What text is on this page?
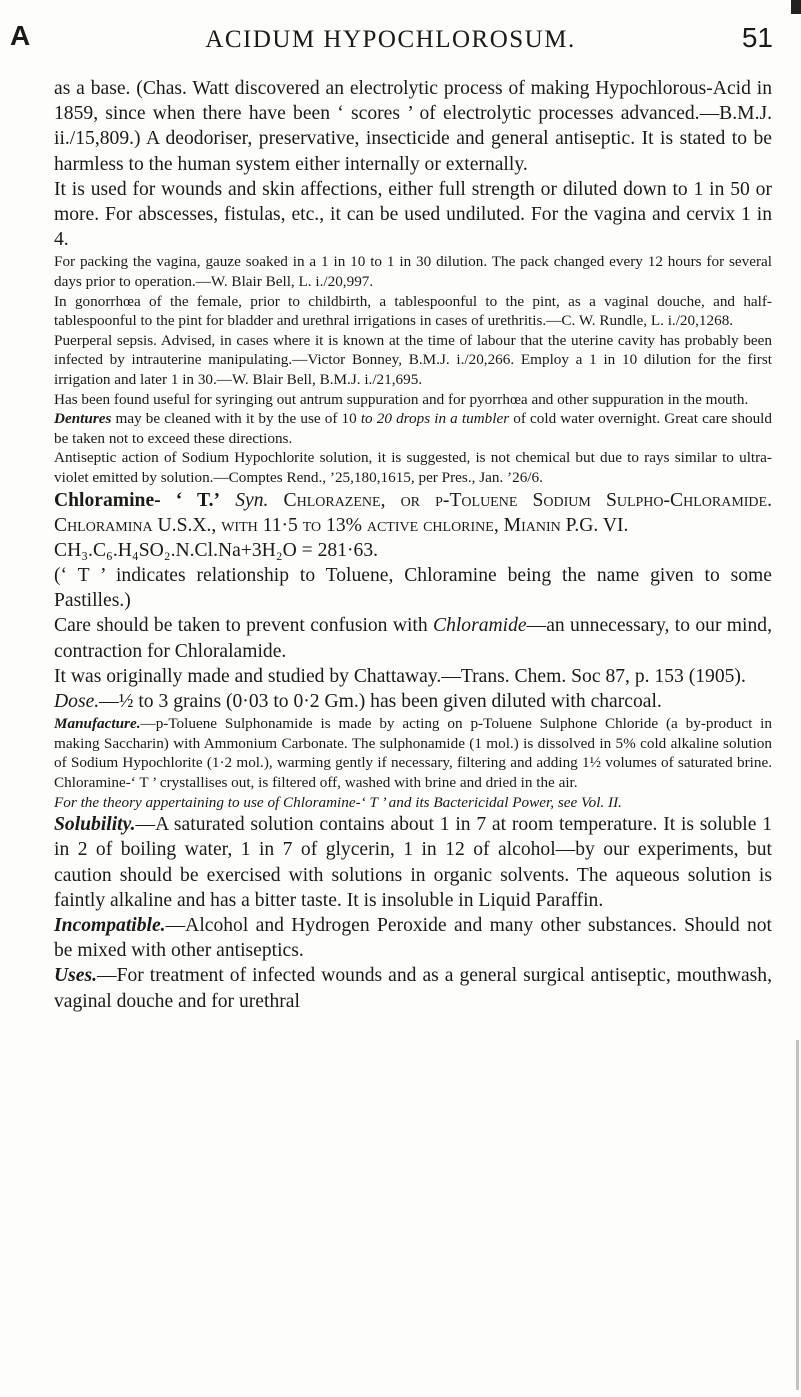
A	ACIDUM HYPOCHLOROSUM.	51

as a base. (Chas. Watt discovered an electrolytic process of making Hypochlorous-Acid in 1859, since when there have been ‘ scores ’ of electrolytic processes advanced.—B.M.J. ii./15,809.) A deodoriser, preservative, insecticide and general antiseptic. It is stated to be harmless to the human system either internally or externally.

It is used for wounds and skin affections, either full strength or diluted down to 1 in 50 or more. For abscesses, fistulas, etc., it can be used undiluted. For the vagina and cervix 1 in 4.

For packing the vagina, gauze soaked in a 1 in 10 to 1 in 30 dilution. The pack changed every 12 hours for several days prior to operation.—W. Blair Bell, L. i./20,997.

In gonorrhœa of the female, prior to childbirth, a tablespoonful to the pint, as a vaginal douche, and half-tablespoonful to the pint for bladder and urethral irrigations in cases of urethritis.—C. W. Rundle, L. i./20,1268.

Puerperal sepsis. Advised, in cases where it is known at the time of labour that the uterine cavity has probably been infected by intrauterine manipulating.—Victor Bonney, B.M.J. i./20,266. Employ a 1 in 10 dilution for the first irrigation and later 1 in 30.—W. Blair Bell, B.M.J. i./21,695.

Has been found useful for syringing out antrum suppuration and for pyorrhœa and other suppuration in the mouth.

Dentures may be cleaned with it by the use of 10 to 20 drops in a tumbler of cold water overnight. Great care should be taken not to exceed these directions.

Antiseptic action of Sodium Hypochlorite solution, it is suggested, is not chemical but due to rays similar to ultra-violet emitted by solution.—Comptes Rend., ’25,180,1615, per Pres., Jan. ’26/6.

Chloramine- ‘ T.’ Syn. Chlorazene, or p-Toluene Sodium Sulpho-Chloramide. Chloramina U.S.X., with 11·5 to 13% active chlorine, Mianin P.G. VI.

CH₃.C₆.H₄SO₂.N.Cl.Na+3H₂O = 281·63.

(‘ T ’ indicates relationship to Toluene, Chloramine being the name given to some Pastilles.)

Care should be taken to prevent confusion with Chloramide—an unnecessary, to our mind, contraction for Chloralamide.

It was originally made and studied by Chattaway.—Trans. Chem. Soc 87, p. 153 (1905).

Dose.—½ to 3 grains (0·03 to 0·2 Gm.) has been given diluted with charcoal.

Manufacture.—p-Toluene Sulphonamide is made by acting on p-Toluene Sulphone Chloride (a by-product in making Saccharin) with Ammonium Carbonate. The sulphonamide (1 mol.) is dissolved in 5% cold alkaline solution of Sodium Hypochlorite (1·2 mol.), warming gently if necessary, filtering and adding 1½ volumes of saturated brine. Chloramine-‘ T ’ crystallises out, is filtered off, washed with brine and dried in the air.

For the theory appertaining to use of Chloramine-‘ T ’ and its Bactericidal Power, see Vol. II.

Solubility.—A saturated solution contains about 1 in 7 at room temperature. It is soluble 1 in 2 of boiling water, 1 in 7 of glycerin, 1 in 12 of alcohol—by our experiments, but caution should be exercised with solutions in organic solvents. The aqueous solution is faintly alkaline and has a bitter taste. It is insoluble in Liquid Paraffin.

Incompatible.—Alcohol and Hydrogen Peroxide and many other substances. Should not be mixed with other antiseptics.

Uses.—For treatment of infected wounds and as a general surgical antiseptic, mouthwash, vaginal douche and for urethral
